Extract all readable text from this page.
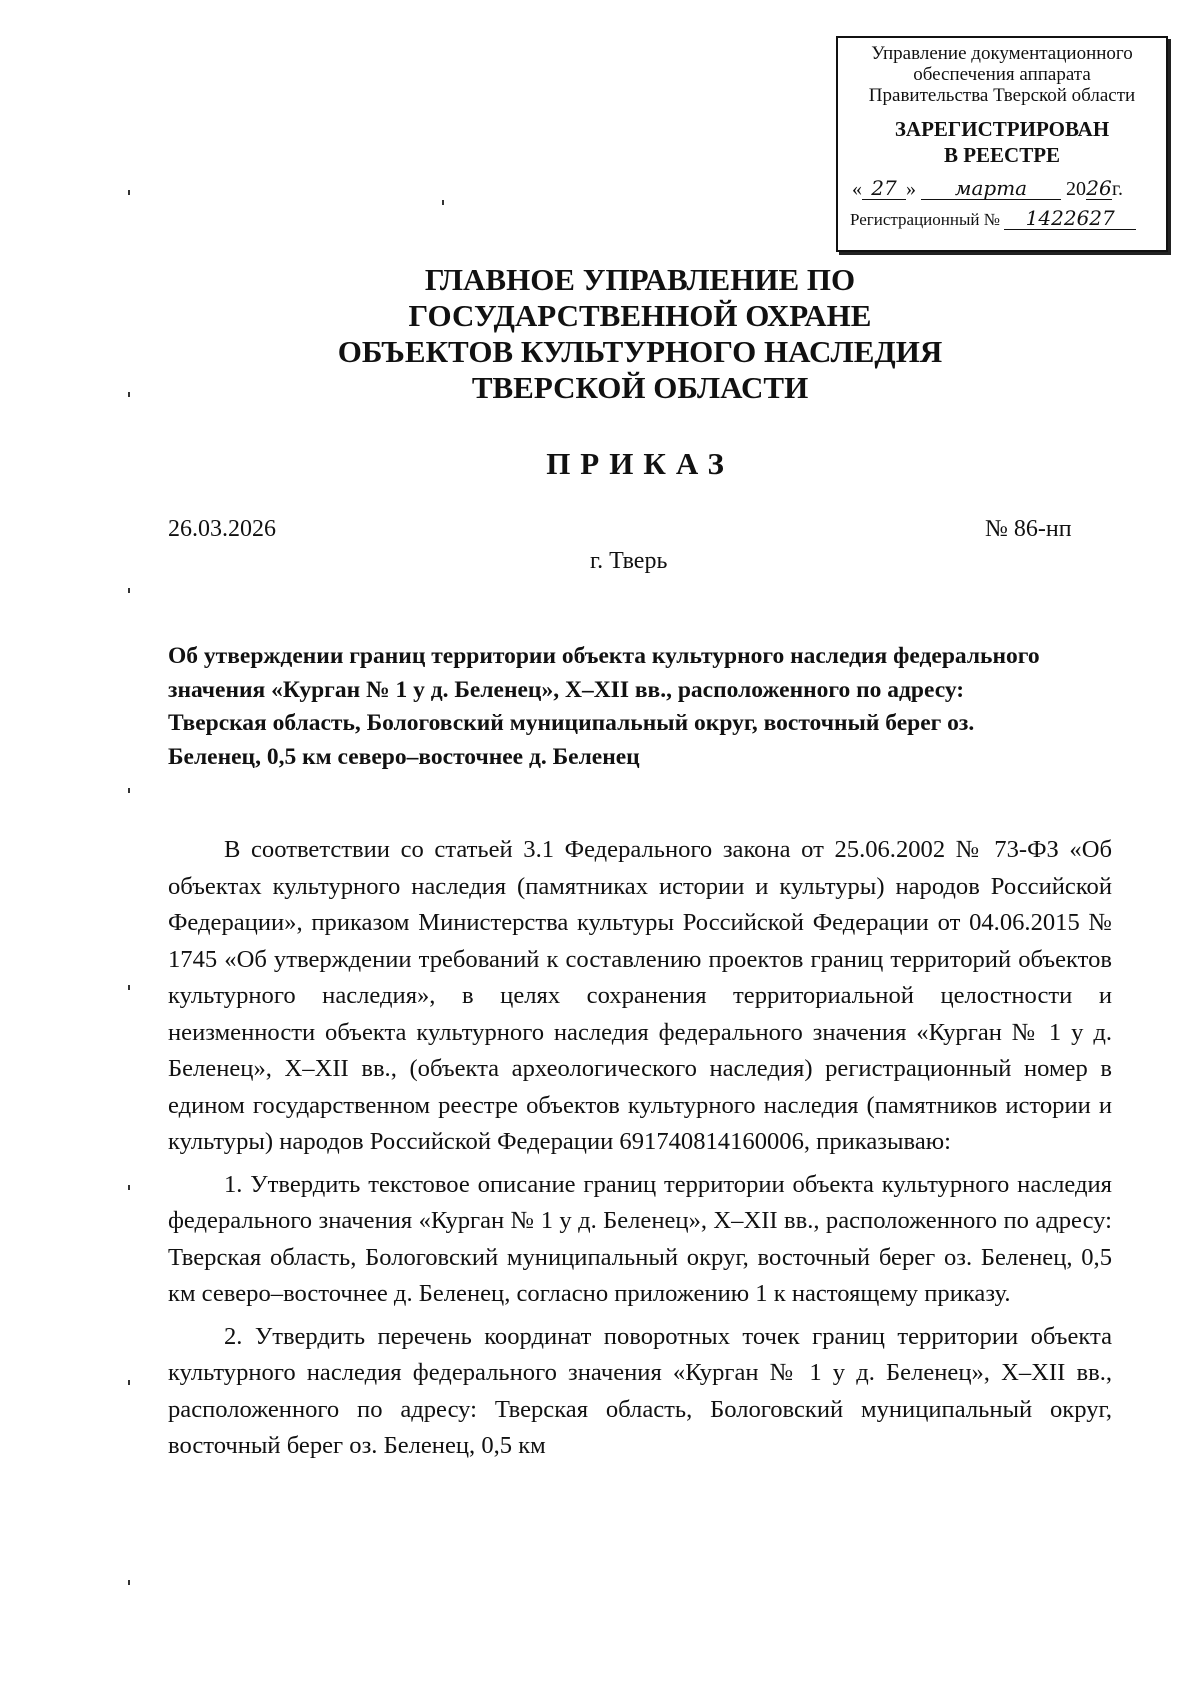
Управление документационного
обеспечения аппарата
Правительства Тверской области
ЗАРЕГИСТРИРОВАН
В РЕЕСТРЕ
« 27 » марта 2026г.
Регистрационный № 1422627
ГЛАВНОЕ УПРАВЛЕНИЕ ПО
ГОСУДАРСТВЕННОЙ ОХРАНЕ
ОБЪЕКТОВ КУЛЬТУРНОГО НАСЛЕДИЯ
ТВЕРСКОЙ ОБЛАСТИ
ПРИКАЗ
26.03.2026	№ 86-нп
г. Тверь
Об утверждении границ территории объекта культурного наследия федерального значения «Курган № 1 у д. Беленец», X–XII вв., расположенного по адресу: Тверская область, Бологовский муниципальный округ, восточный берег оз. Беленец, 0,5 км северо–восточнее д. Беленец

В соответствии со статьей 3.1 Федерального закона от 25.06.2002 № 73-ФЗ «Об объектах культурного наследия (памятниках истории и культуры) народов Российской Федерации», приказом Министерства культуры Российской Федерации от 04.06.2015 № 1745 «Об утверждении требований к составлению проектов границ территорий объектов культурного наследия», в целях сохранения территориальной целостности и неизменности объекта культурного наследия федерального значения «Курган № 1 у д. Беленец», X–XII вв., (объекта археологического наследия) регистрационный номер в едином государственном реестре объектов культурного наследия (памятников истории и культуры) народов Российской Федерации 691740814160006, приказываю:

1. Утвердить текстовое описание границ территории объекта культурного наследия федерального значения «Курган № 1 у д. Беленец», X–XII вв., расположенного по адресу: Тверская область, Бологовский муниципальный округ, восточный берег оз. Беленец, 0,5 км северо–восточнее д. Беленец, согласно приложению 1 к настоящему приказу.

2. Утвердить перечень координат поворотных точек границ территории объекта культурного наследия федерального значения «Курган № 1 у д. Беленец», X–XII вв., расположенного по адресу: Тверская область, Бологовский муниципальный округ, восточный берег оз. Беленец, 0,5 км
